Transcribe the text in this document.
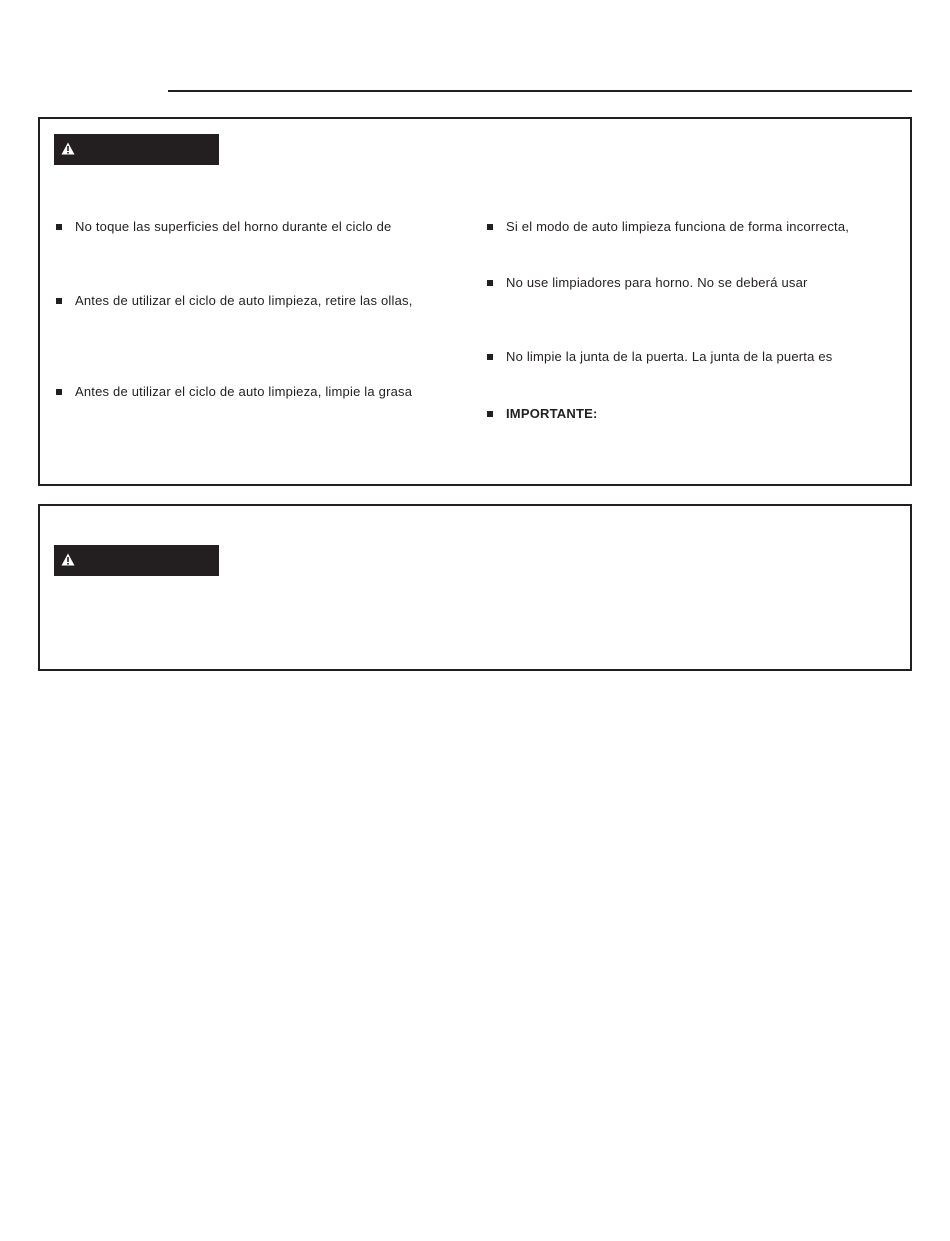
No toque las superficies del horno durante el ciclo de
Antes de utilizar el ciclo de auto limpieza, retire las ollas,
Antes de utilizar el ciclo de auto limpieza, limpie la grasa
Si el modo de auto limpieza funciona de forma incorrecta,
No use limpiadores para horno. No se deberá usar
No limpie la junta de la puerta. La junta de la puerta es
IMPORTANTE:
